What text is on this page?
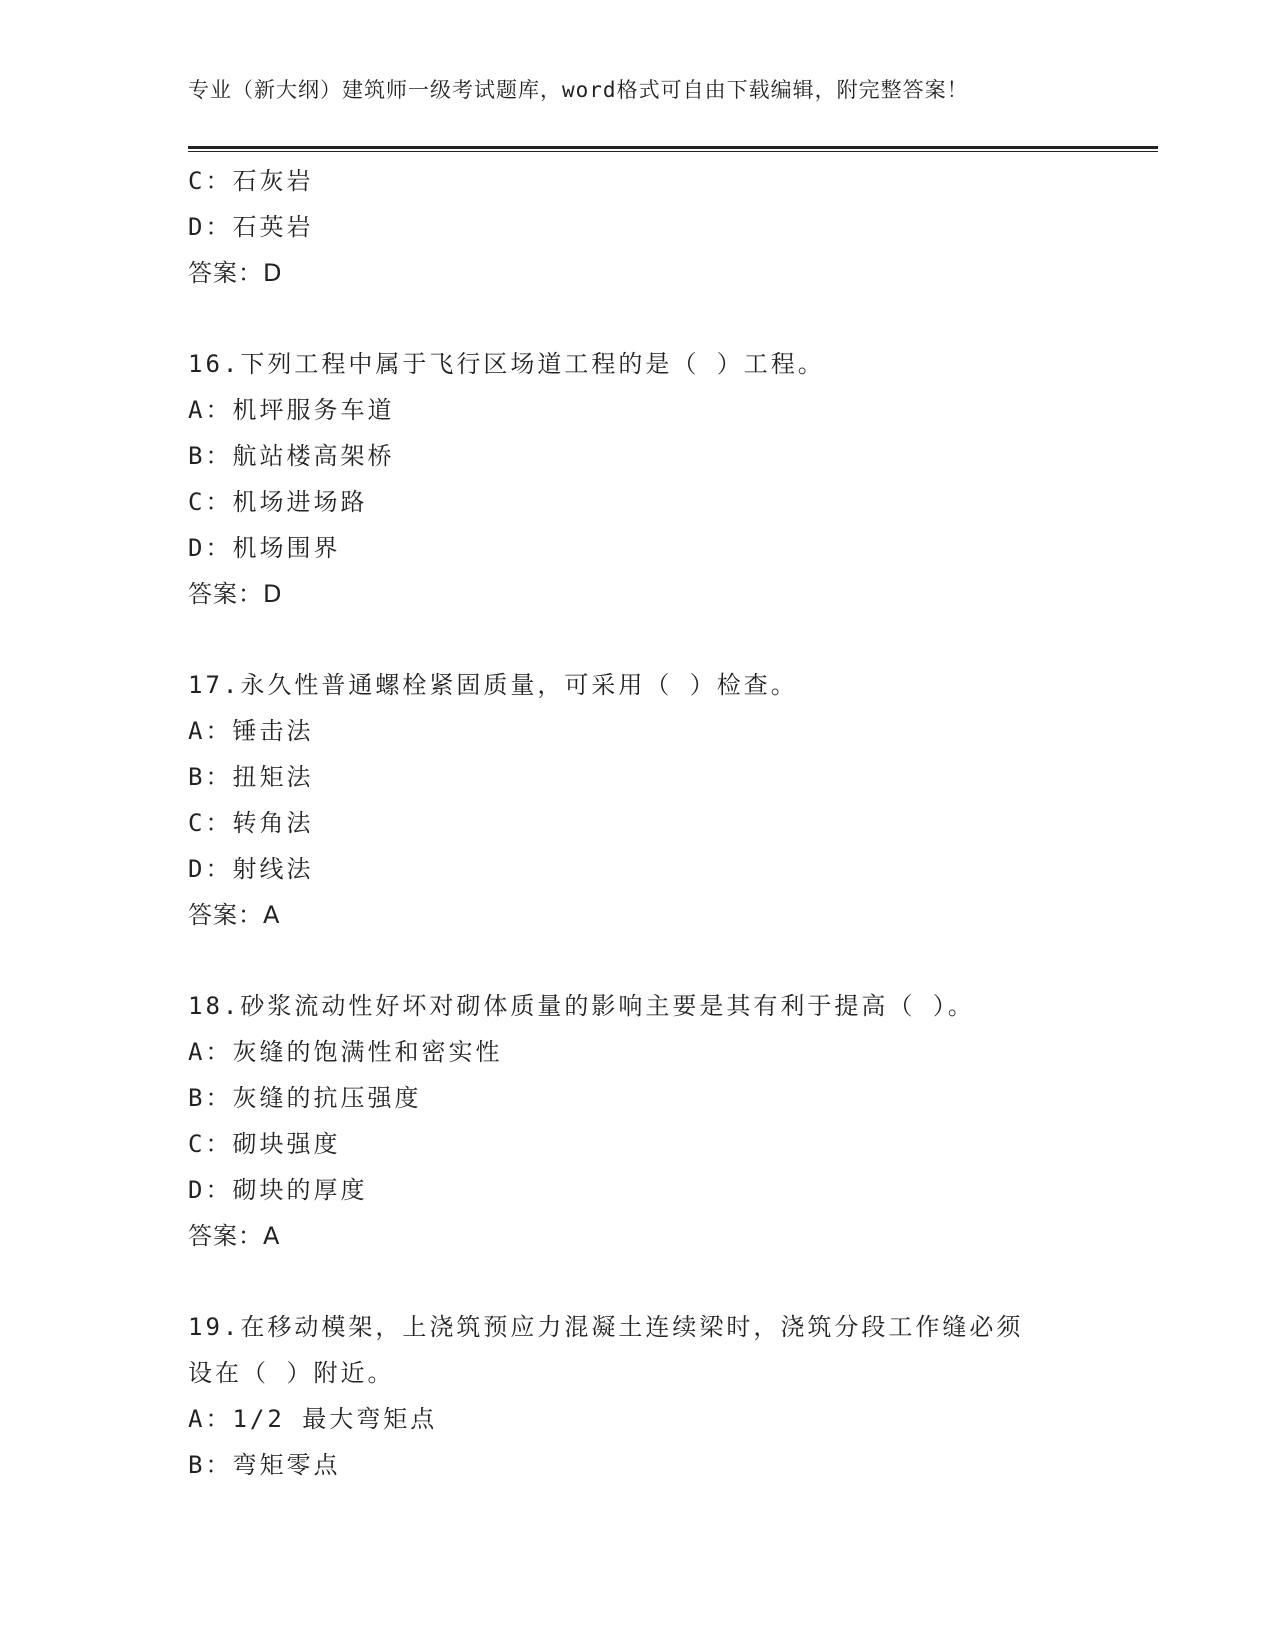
专业（新大纲）建筑师一级考试题库，word格式可自由下载编辑，附完整答案！
C：石灰岩
D：石英岩
答案：D
16.下列工程中属于飞行区场道工程的是（ ）工程。
A：机坪服务车道
B：航站楼高架桥
C：机场进场路
D：机场围界
答案：D
17.永久性普通螺栓紧固质量，可采用（ ）检查。
A：锤击法
B：扭矩法
C：转角法
D：射线法
答案：A
18.砂浆流动性好坏对砌体质量的影响主要是其有利于提高（ ）。
A：灰缝的饱满性和密实性
B：灰缝的抗压强度
C：砌块强度
D：砌块的厚度
答案：A
19.在移动模架，上浇筑预应力混凝土连续梁时，浇筑分段工作缝必须
设在（ ）附近。
A：1/2 最大弯矩点
B：弯矩零点
